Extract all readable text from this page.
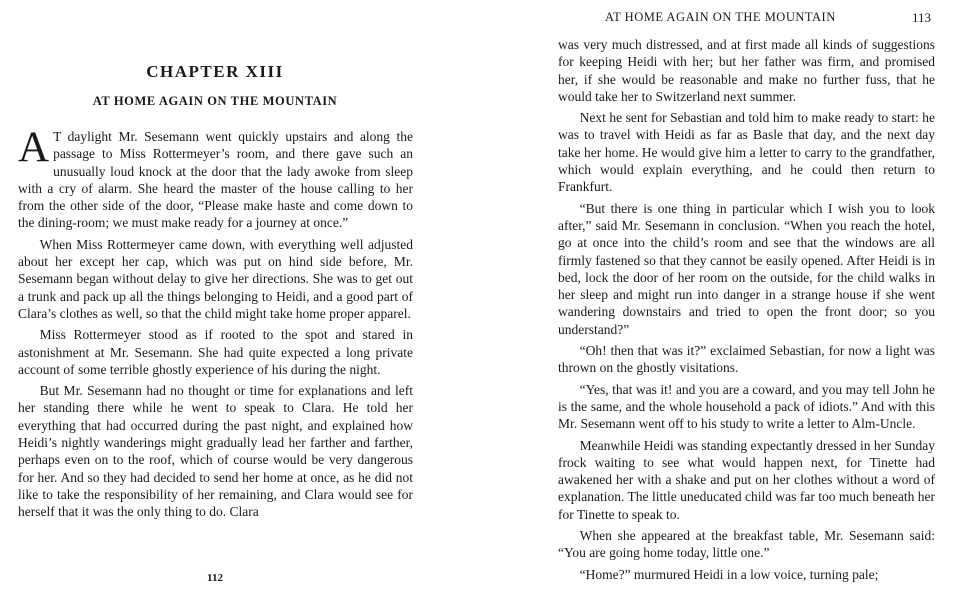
CHAPTER XIII
AT HOME AGAIN ON THE MOUNTAIN

A T daylight Mr. Sesemann went quickly upstairs and along the passage to Miss Rottermeyer’s room, and there gave such an unusually loud knock at the door that the lady awoke from sleep with a cry of alarm. She heard the master of the house calling to her from the other side of the door, “Please make haste and come down to the dining-room; we must make ready for a journey at once.”

When Miss Rottermeyer came down, with everything well adjusted about her except her cap, which was put on hind side before, Mr. Sesemann began without delay to give her directions. She was to get out a trunk and pack up all the things belonging to Heidi, and a good part of Clara’s clothes as well, so that the child might take home proper apparel.

Miss Rottermeyer stood as if rooted to the spot and stared in astonishment at Mr. Sesemann. She had quite expected a long private account of some terrible ghostly experience of his during the night.

But Mr. Sesemann had no thought or time for explanations and left her standing there while he went to speak to Clara. He told her everything that had occurred during the past night, and explained how Heidi’s nightly wanderings might gradually lead her farther and farther, perhaps even on to the roof, which of course would be very dangerous for her. And so they had decided to send her home at once, as he did not like to take the responsibility of her remaining, and Clara would see for herself that it was the only thing to do. Clara

112
AT HOME AGAIN ON THE MOUNTAIN	113

was very much distressed, and at first made all kinds of suggestions for keeping Heidi with her; but her father was firm, and promised her, if she would be reasonable and make no further fuss, that he would take her to Switzerland next summer.

Next he sent for Sebastian and told him to make ready to start: he was to travel with Heidi as far as Basle that day, and the next day take her home. He would give him a letter to carry to the grandfather, which would explain everything, and he could then return to Frankfurt.

“But there is one thing in particular which I wish you to look after,” said Mr. Sesemann in conclusion. “When you reach the hotel, go at once into the child’s room and see that the windows are all firmly fastened so that they cannot be easily opened. After Heidi is in bed, lock the door of her room on the outside, for the child walks in her sleep and might run into danger in a strange house if she went wandering downstairs and tried to open the front door; so you understand?”

“Oh! then that was it?” exclaimed Sebastian, for now a light was thrown on the ghostly visitations.

“Yes, that was it! and you are a coward, and you may tell John he is the same, and the whole household a pack of idiots.” And with this Mr. Sesemann went off to his study to write a letter to Alm-Uncle.

Meanwhile Heidi was standing expectantly dressed in her Sunday frock waiting to see what would happen next, for Tinette had awakened her with a shake and put on her clothes without a word of explanation. The little uneducated child was far too much beneath her for Tinette to speak to.

When she appeared at the breakfast table, Mr. Sesemann said: “You are going home today, little one.”

“Home?” murmured Heidi in a low voice, turning pale;
